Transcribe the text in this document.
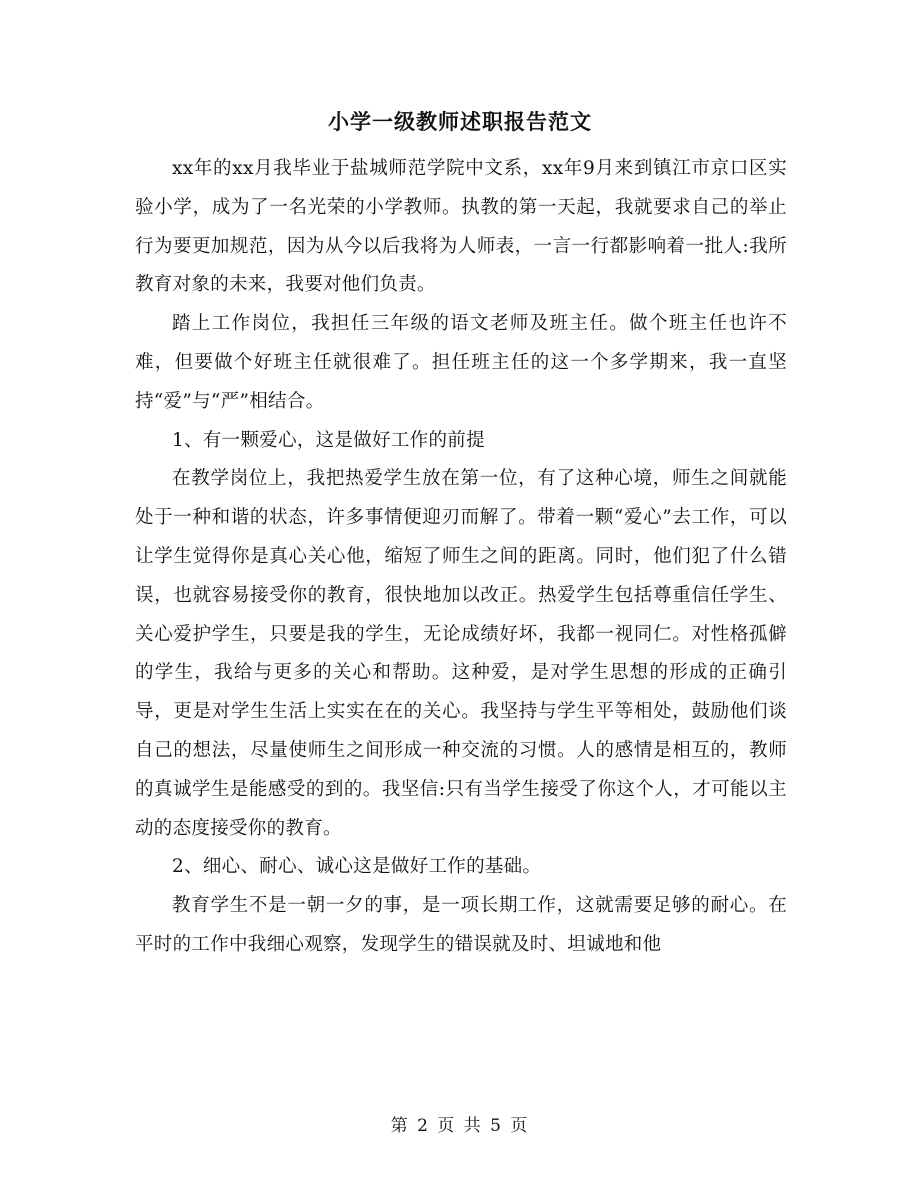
小学一级教师述职报告范文

xx年的xx月我毕业于盐城师范学院中文系，xx年9月来到镇江市京口区实验小学，成为了一名光荣的小学教师。执教的第一天起，我就要求自己的举止行为要更加规范，因为从今以后我将为人师表，一言一行都影响着一批人:我所教育对象的未来，我要对他们负责。

踏上工作岗位，我担任三年级的语文老师及班主任。做个班主任也许不难，但要做个好班主任就很难了。担任班主任的这一个多学期来，我一直坚持“爱”与“严”相结合。

1、有一颗爱心，这是做好工作的前提

在教学岗位上，我把热爱学生放在第一位，有了这种心境，师生之间就能处于一种和谐的状态，许多事情便迎刃而解了。带着一颗“爱心”去工作，可以让学生觉得你是真心关心他，缩短了师生之间的距离。同时，他们犯了什么错误，也就容易接受你的教育，很快地加以改正。热爱学生包括尊重信任学生、关心爱护学生，只要是我的学生，无论成绩好坏，我都一视同仁。对性格孤僻的学生，我给与更多的关心和帮助。这种爱，是对学生思想的形成的正确引导，更是对学生生活上实实在在的关心。我坚持与学生平等相处，鼓励他们谈自己的想法，尽量使师生之间形成一种交流的习惯。人的感情是相互的，教师的真诚学生是能感受的到的。我坚信:只有当学生接受了你这个人，才可能以主动的态度接受你的教育。

2、细心、耐心、诚心这是做好工作的基础。

教育学生不是一朝一夕的事，是一项长期工作，这就需要足够的耐心。在平时的工作中我细心观察，发现学生的错误就及时、坦诚地和他

第 2 页 共 5 页
